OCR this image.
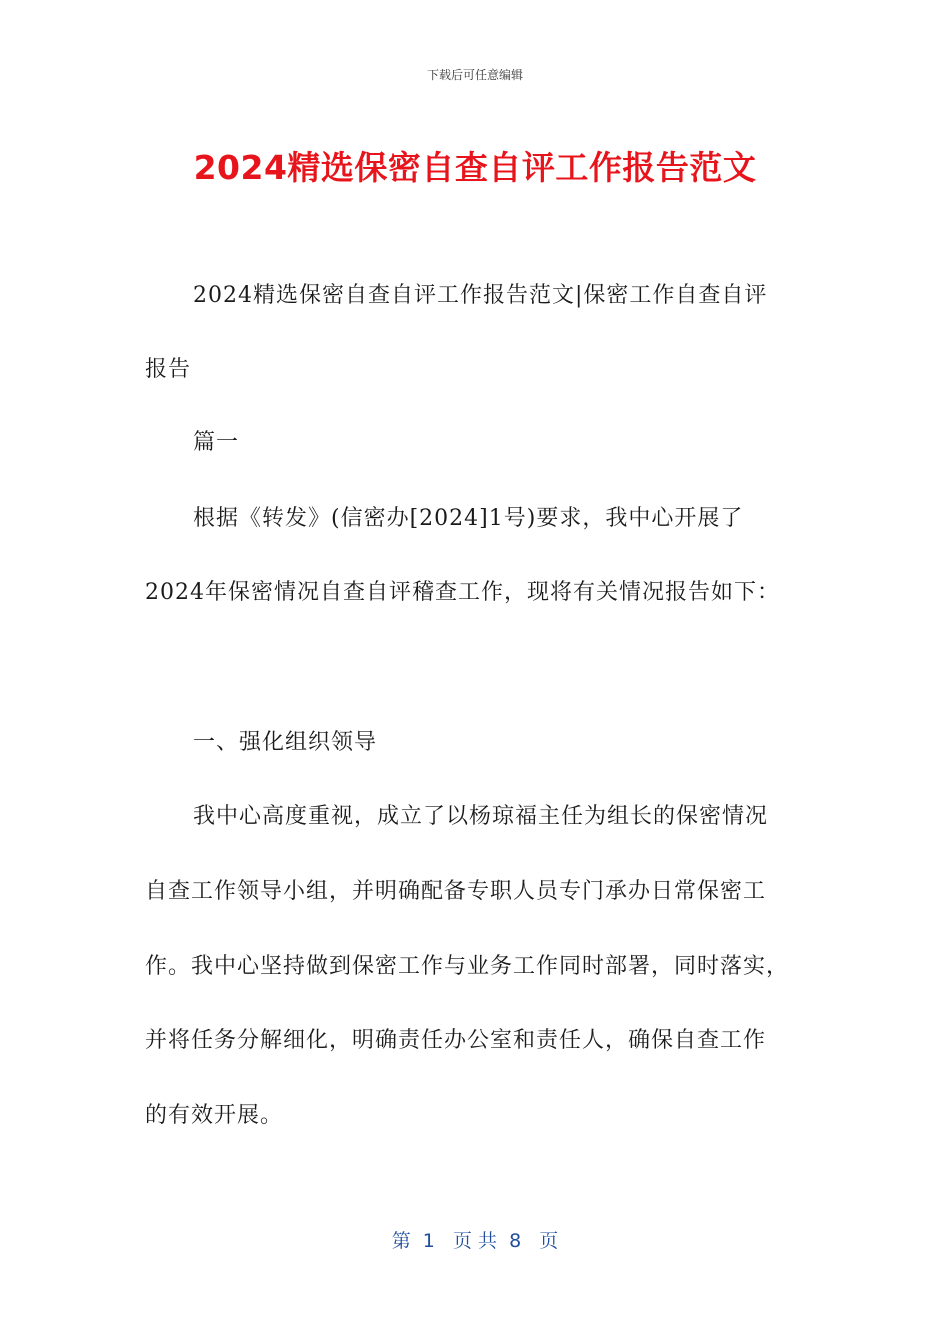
下载后可任意编辑
2024精选保密自查自评工作报告范文
2024精选保密自查自评工作报告范文|保密工作自查自评
报告
篇一
根据《转发》(信密办[2024]1号)要求，我中心开展了
2024年保密情况自查自评稽查工作，现将有关情况报告如下：
一、强化组织领导
我中心高度重视，成立了以杨琼福主任为组长的保密情况
自查工作领导小组，并明确配备专职人员专门承办日常保密工
作。我中心坚持做到保密工作与业务工作同时部署，同时落实，
并将任务分解细化，明确责任办公室和责任人，确保自查工作
的有效开展。
第  1   页 共  8   页
